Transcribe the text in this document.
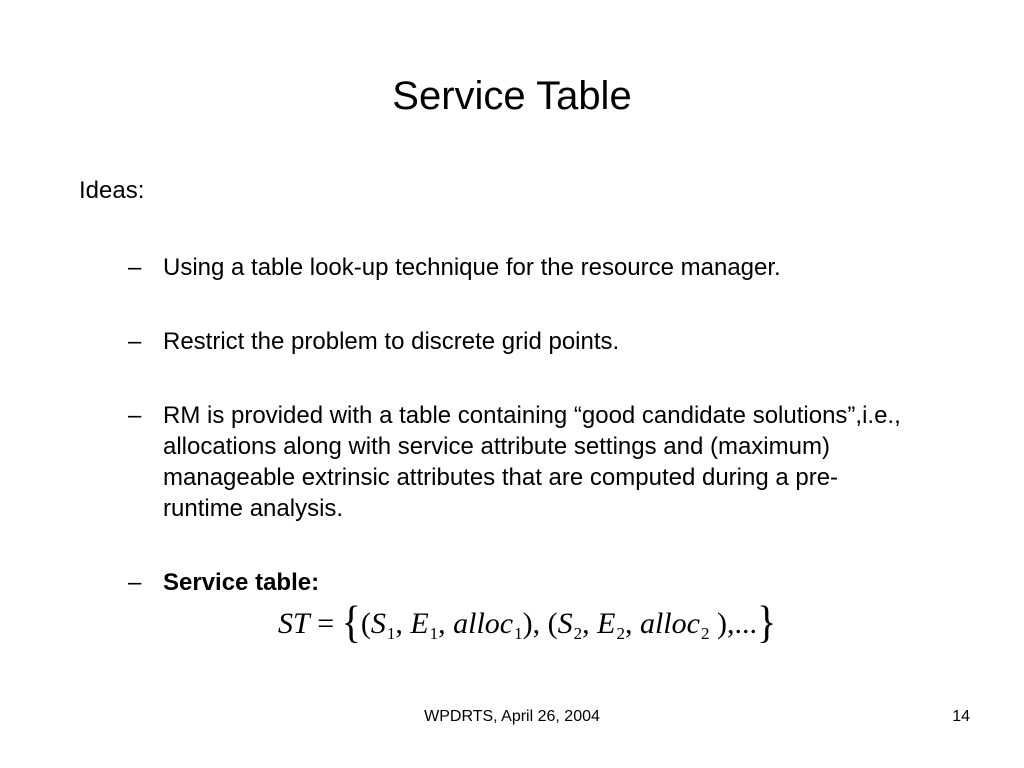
Service Table
Ideas:
– Using a table look-up technique for the resource manager.
– Restrict the problem to discrete grid points.
– RM is provided with a table containing “good candidate solutions”,i.e., allocations along with service attribute settings and (maximum) manageable extrinsic attributes that are computed during a pre-runtime analysis.
– Service table:
ST = {($S_1$, $E_1$, alloc$_1$), ($S_2$, $E_2$, alloc$_2$ ),...}
WPDRTS, April 26, 2004	14
